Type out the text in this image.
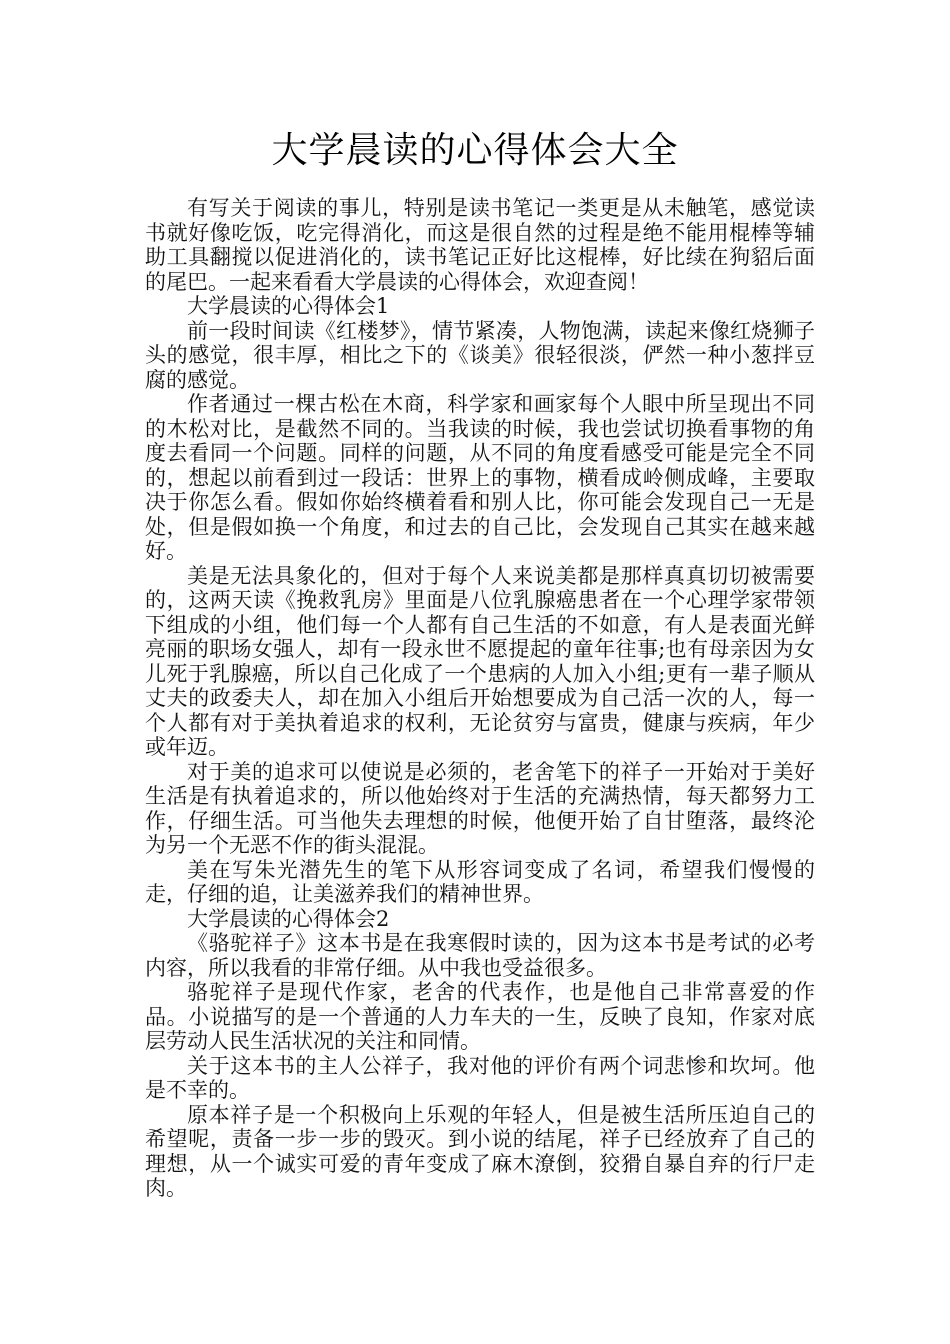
大学晨读的心得体会大全

有写关于阅读的事儿，特别是读书笔记一类更是从未触笔，感觉读书就好像吃饭，吃完得消化，而这是很自然的过程是绝不能用棍棒等辅助工具翻搅以促进消化的，读书笔记正好比这棍棒，好比续在狗貂后面的尾巴。一起来看看大学晨读的心得体会，欢迎查阅！

大学晨读的心得体会1

前一段时间读《红楼梦》，情节紧凑，人物饱满，读起来像红烧狮子头的感觉，很丰厚，相比之下的《谈美》很轻很淡，俨然一种小葱拌豆腐的感觉。

作者通过一棵古松在木商，科学家和画家每个人眼中所呈现出不同的木松对比，是截然不同的。当我读的时候，我也尝试切换看事物的角度去看同一个问题。同样的问题，从不同的角度看感受可能是完全不同的，想起以前看到过一段话：世界上的事物，横看成岭侧成峰，主要取决于你怎么看。假如你始终横着看和别人比，你可能会发现自己一无是处，但是假如换一个角度，和过去的自己比，会发现自己其实在越来越好。

美是无法具象化的，但对于每个人来说美都是那样真真切切被需要的，这两天读《挽救乳房》里面是八位乳腺癌患者在一个心理学家带领下组成的小组，他们每一个人都有自己生活的不如意，有人是表面光鲜亮丽的职场女强人，却有一段永世不愿提起的童年往事;也有母亲因为女儿死于乳腺癌，所以自己化成了一个患病的人加入小组;更有一辈子顺从丈夫的政委夫人，却在加入小组后开始想要成为自己活一次的人，每一个人都有对于美执着追求的权利，无论贫穷与富贵，健康与疾病，年少或年迈。

对于美的追求可以使说是必须的，老舍笔下的祥子一开始对于美好生活是有执着追求的，所以他始终对于生活的充满热情，每天都努力工作，仔细生活。可当他失去理想的时候，他便开始了自甘堕落，最终沦为另一个无恶不作的街头混混。

美在写朱光潜先生的笔下从形容词变成了名词，希望我们慢慢的走，仔细的追，让美滋养我们的精神世界。

大学晨读的心得体会2

《骆驼祥子》这本书是在我寒假时读的，因为这本书是考试的必考内容，所以我看的非常仔细。从中我也受益很多。

骆驼祥子是现代作家，老舍的代表作，也是他自己非常喜爱的作品。小说描写的是一个普通的人力车夫的一生，反映了良知，作家对底层劳动人民生活状况的关注和同情。

关于这本书的主人公祥子，我对他的评价有两个词悲惨和坎坷。他是不幸的。

原本祥子是一个积极向上乐观的年轻人，但是被生活所压迫自己的希望呢，责备一步一步的毁灭。到小说的结尾，祥子已经放弃了自己的理想，从一个诚实可爱的青年变成了麻木潦倒，狡猾自暴自弃的行尸走肉。
